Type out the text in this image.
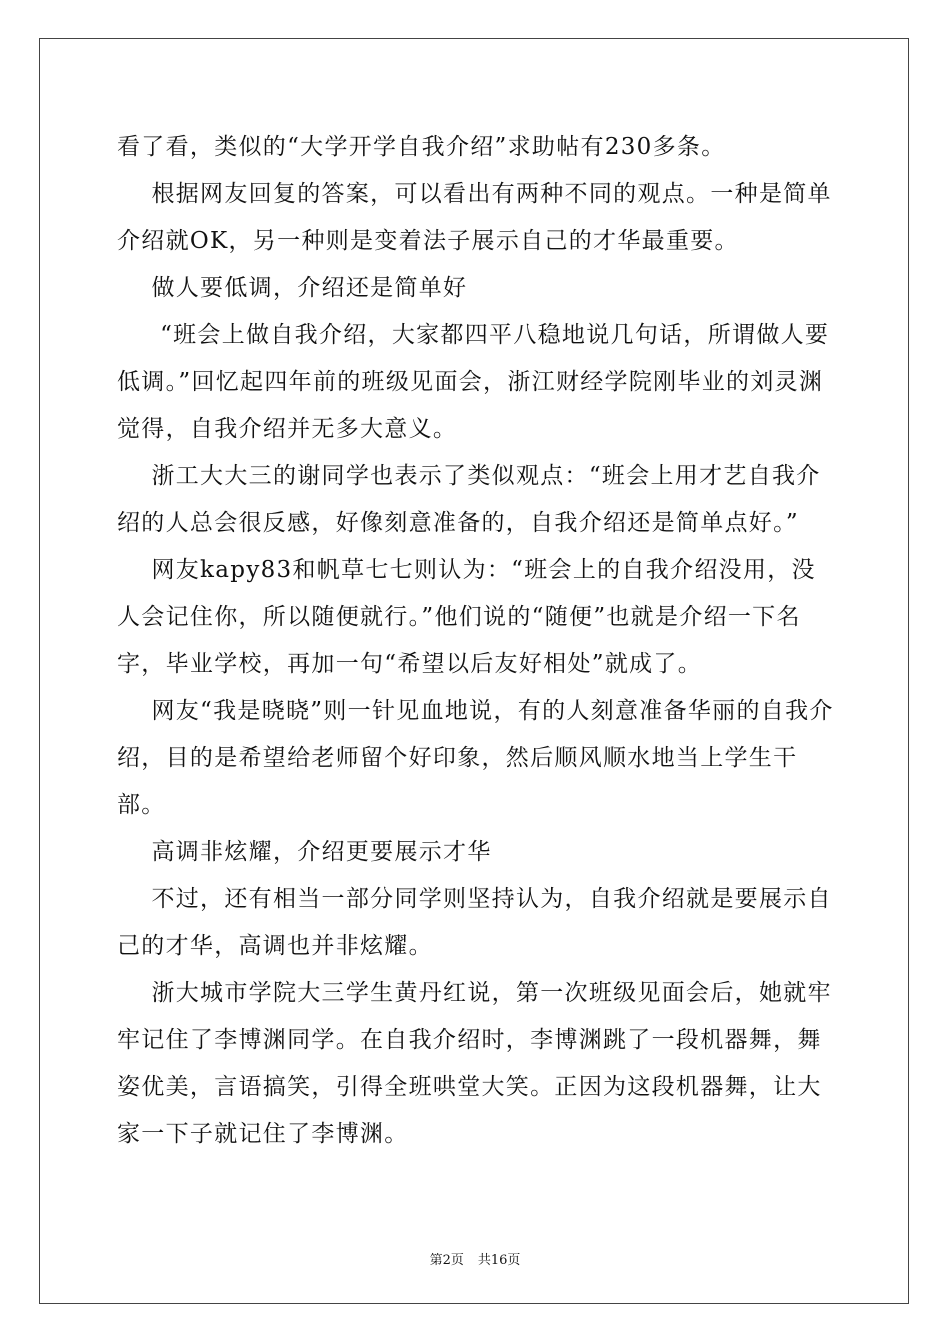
看了看，类似的“大学开学自我介绍”求助帖有230多条。

根据网友回复的答案，可以看出有两种不同的观点。一种是简单介绍就OK，另一种则是变着法子展示自己的才华最重要。

做人要低调，介绍还是简单好

“班会上做自我介绍，大家都四平八稳地说几句话，所谓做人要低调。”回忆起四年前的班级见面会，浙江财经学院刚毕业的刘灵渊觉得，自我介绍并无多大意义。

浙工大大三的谢同学也表示了类似观点：“班会上用才艺自我介绍的人总会很反感，好像刻意准备的，自我介绍还是简单点好。”

网友kapy83和帆草七七则认为：“班会上的自我介绍没用，没人会记住你，所以随便就行。”他们说的“随便”也就是介绍一下名字，毕业学校，再加一句“希望以后友好相处”就成了。

网友“我是晓晓”则一针见血地说，有的人刻意准备华丽的自我介绍，目的是希望给老师留个好印象，然后顺风顺水地当上学生干部。

高调非炫耀，介绍更要展示才华

不过，还有相当一部分同学则坚持认为，自我介绍就是要展示自己的才华，高调也并非炫耀。

浙大城市学院大三学生黄丹红说，第一次班级见面会后，她就牢牢记住了李博渊同学。在自我介绍时，李博渊跳了一段机器舞，舞姿优美，言语搞笑，引得全班哄堂大笑。正因为这段机器舞，让大家一下子就记住了李博渊。

第2页 共16页
